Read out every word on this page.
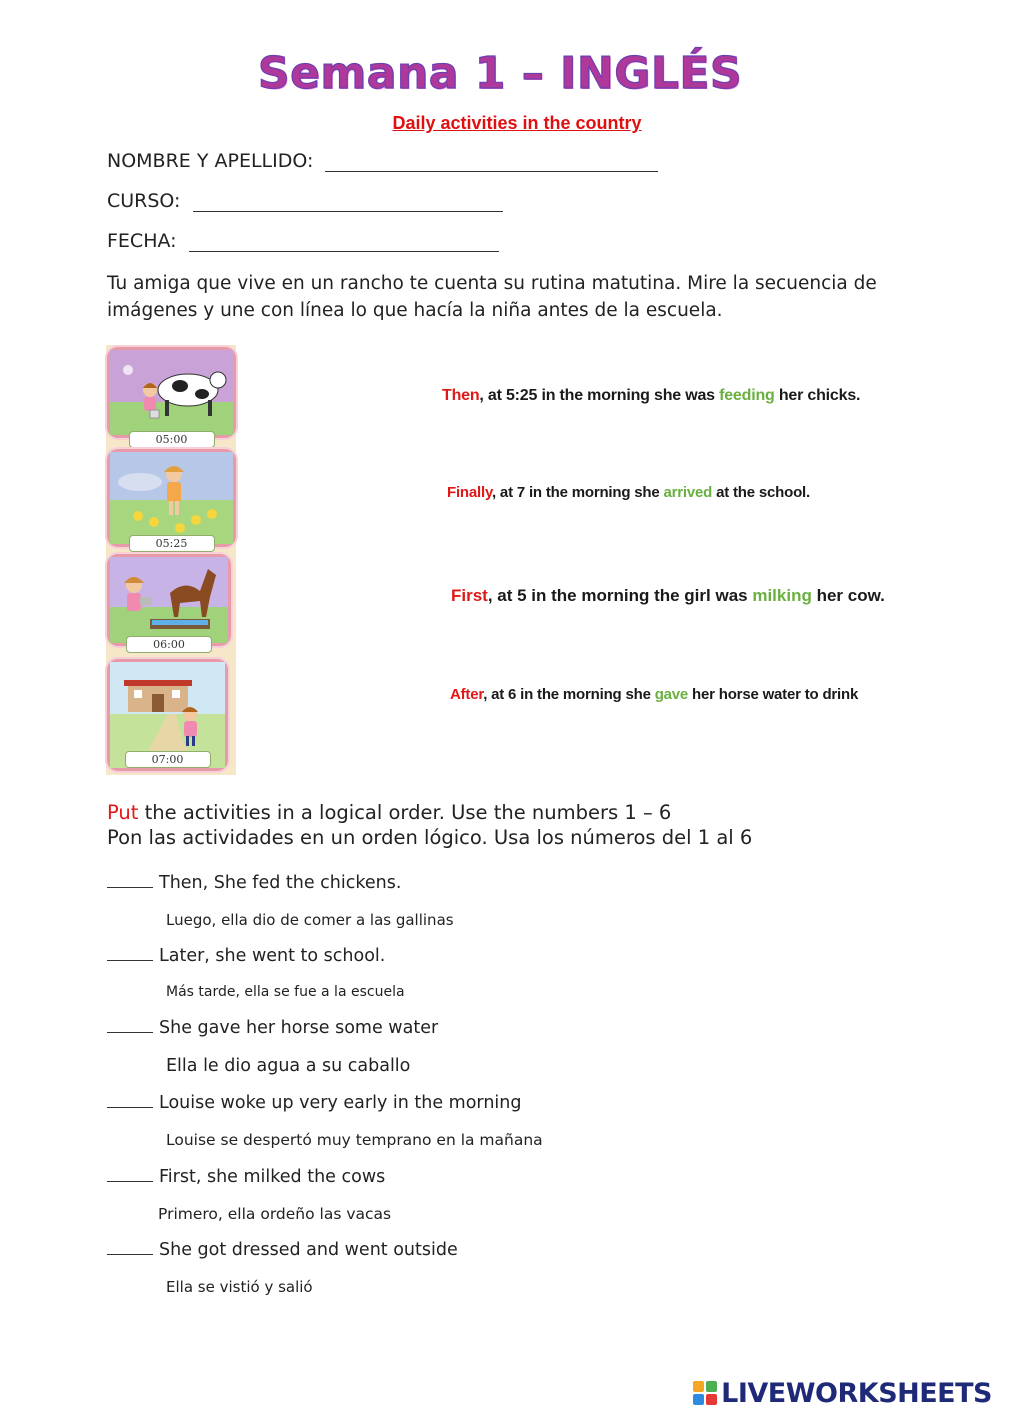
Semana 1 – INGLÉS
Daily activities in the country
NOMBRE Y APELLIDO:
CURSO:
FECHA:
Tu amiga que vive en un rancho te cuenta su rutina matutina. Mire la secuencia de imágenes y une con línea lo que hacía la niña antes de la escuela.
05:00
05:25
06:00
07:00
Then, at 5:25 in the morning she was feeding her chicks.
Finally, at 7 in the morning she arrived at the school.
First, at 5 in the morning the girl was milking her cow.
After, at 6 in the morning she gave her horse water to drink
Put the activities in a logical order. Use the numbers 1 – 6
Pon las actividades en un orden lógico. Usa los números del 1 al 6
Then, She fed the chickens.
Luego, ella dio de comer a las gallinas
Later, she went to school.
Más tarde, ella se fue a la escuela
She gave her horse some water
Ella le dio agua a su caballo
Louise woke up very early in the morning
Louise se despertó muy temprano en la mañana
First, she milked the cows
Primero, ella ordeño las vacas
She got dressed and went outside
Ella se vistió y salió
LIVEWORKSHEETS
